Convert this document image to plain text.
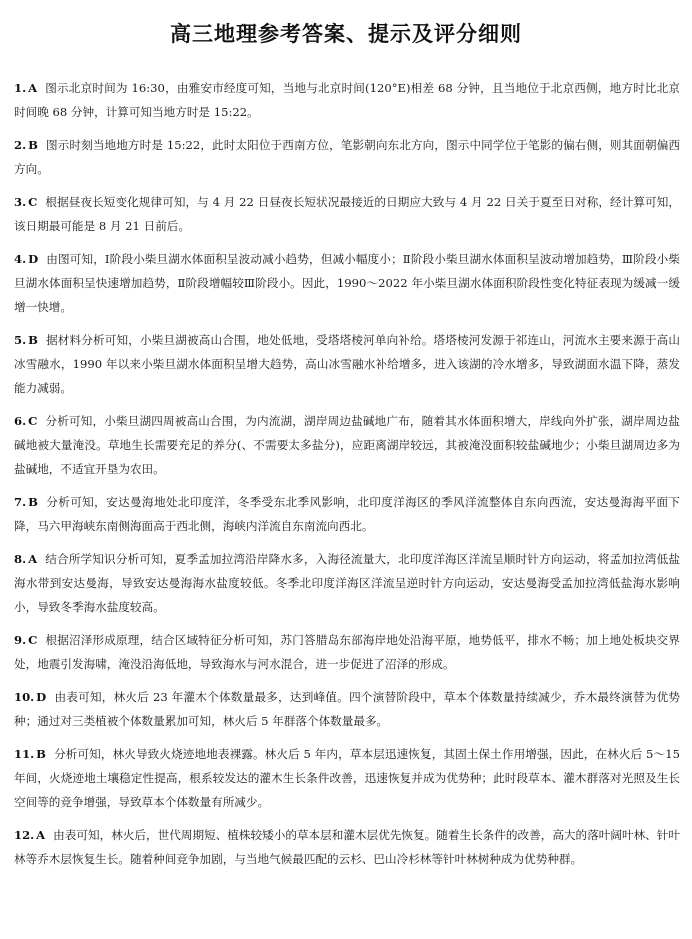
高三地理参考答案、提示及评分细则
1. A 图示北京时间为 16:30，由雅安市经度可知，当地与北京时间(120°E)相差 68 分钟，且当地位于北京西侧，地方时比北京时间晚 68 分钟，计算可知当地方时是 15:22。
2. B 图示时刻当地地方时是 15:22，此时太阳位于西南方位，笔影朝向东北方向，图示中同学位于笔影的偏右侧，则其面朝偏西方向。
3. C 根据昼夜长短变化规律可知，与 4 月 22 日昼夜长短状况最接近的日期应大致与 4 月 22 日关于夏至日对称，经计算可知，该日期最可能是 8 月 21 日前后。
4. D 由图可知，Ⅰ阶段小柴旦湖水体面积呈波动减小趋势，但减小幅度小；Ⅱ阶段小柴旦湖水体面积呈波动增加趋势，Ⅲ阶段小柴旦湖水体面积呈快速增加趋势，Ⅱ阶段增幅较Ⅲ阶段小。因此，1990～2022 年小柴旦湖水体面积阶段性变化特征表现为缓减一缓增一快增。
5. B 据材料分析可知，小柴旦湖被高山合围，地处低地，受塔塔棱河单向补给。塔塔棱河发源于祁连山，河流水主要来源于高山冰雪融水，1990 年以来小柴旦湖水体面积呈增大趋势，高山冰雪融水补给增多，进入该湖的冷水增多，导致湖面水温下降，蒸发能力减弱。
6. C 分析可知，小柴旦湖四周被高山合围，为内流湖，湖岸周边盐碱地广布，随着其水体面积增大，岸线向外扩张，湖岸周边盐碱地被大量淹没。草地生长需要充足的养分(、不需要太多盐分)，应距离湖岸较远，其被淹没面积较盐碱地少；小柴旦湖周边多为盐碱地，不适宜开垦为农田。
7. B 分析可知，安达曼海地处北印度洋，冬季受东北季风影响，北印度洋海区的季风洋流整体自东向西流，安达曼海海平面下降，马六甲海峡东南侧海面高于西北侧，海峡内洋流自东南流向西北。
8. A 结合所学知识分析可知，夏季孟加拉湾沿岸降水多，入海径流量大，北印度洋海区洋流呈顺时针方向运动，将孟加拉湾低盐海水带到安达曼海，导致安达曼海海水盐度较低。冬季北印度洋海区洋流呈逆时针方向运动，安达曼海受孟加拉湾低盐海水影响小，导致冬季海水盐度较高。
9. C 根据沼泽形成原理，结合区域特征分析可知，苏门答腊岛东部海岸地处沿海平原，地势低平，排水不畅；加上地处板块交界处，地震引发海啸，淹没沿海低地，导致海水与河水混合，进一步促进了沼泽的形成。
10. D 由表可知，林火后 23 年灌木个体数量最多，达到峰值。四个演替阶段中，草本个体数量持续减少，乔木最终演替为优势种；通过对三类植被个体数量累加可知，林火后 5 年群落个体数量最多。
11. B 分析可知，林火导致火烧迹地地表裸露。林火后 5 年内，草本层迅速恢复，其固土保土作用增强，因此，在林火后 5～15 年间，火烧迹地土壤稳定性提高，根系较发达的灌木生长条件改善，迅速恢复并成为优势种；此时段草本、灌木群落对光照及生长空间等的竞争增强，导致草本个体数量有所减少。
12. A 由表可知，林火后，世代周期短、植株较矮小的草本层和灌木层优先恢复。随着生长条件的改善，高大的落叶阔叶林、针叶林等乔木层恢复生长。随着种间竞争加剧，与当地气候最匹配的云杉、巴山冷杉林等针叶林树种成为优势种群。
